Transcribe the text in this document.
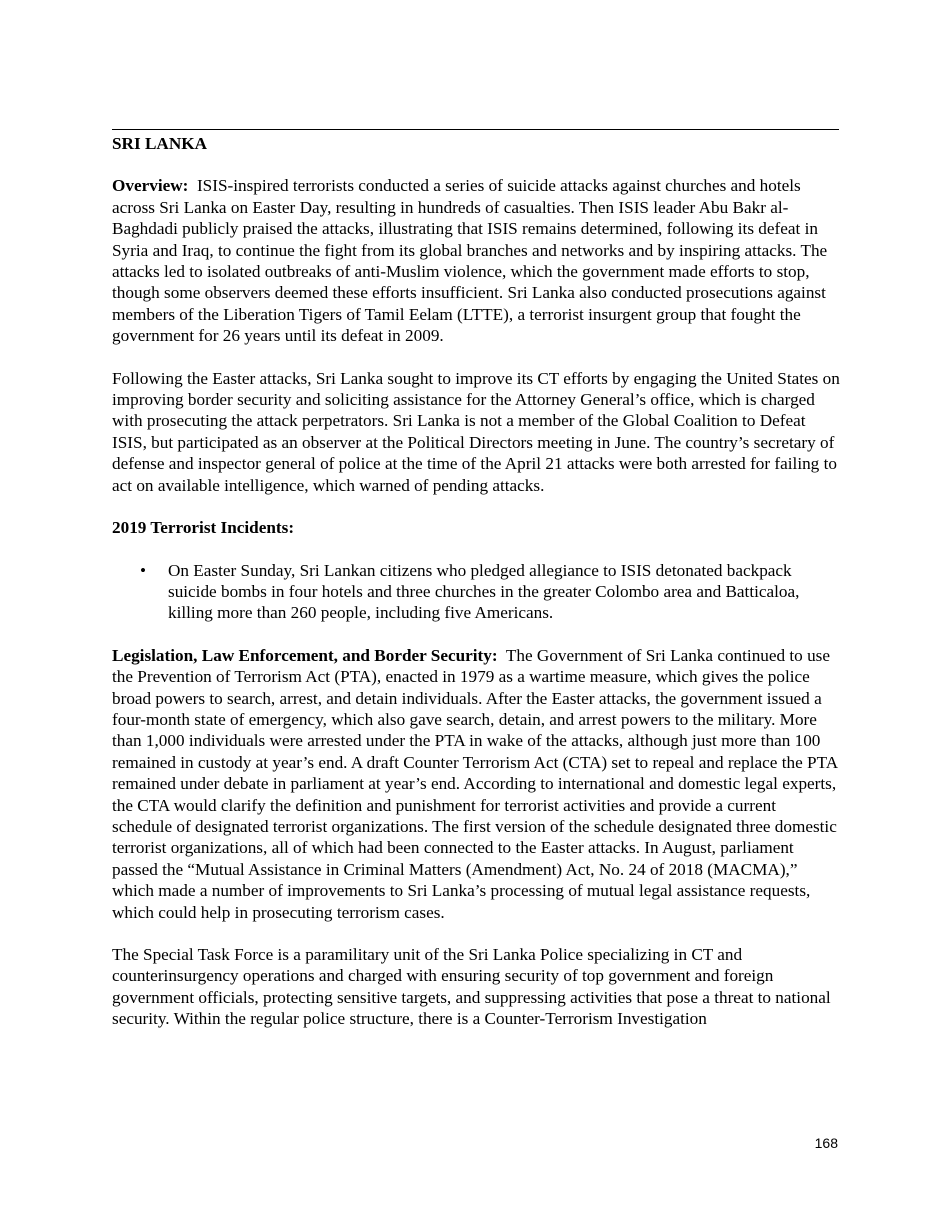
SRI LANKA

Overview: ISIS-inspired terrorists conducted a series of suicide attacks against churches and hotels across Sri Lanka on Easter Day, resulting in hundreds of casualties. Then ISIS leader Abu Bakr al-Baghdadi publicly praised the attacks, illustrating that ISIS remains determined, following its defeat in Syria and Iraq, to continue the fight from its global branches and networks and by inspiring attacks. The attacks led to isolated outbreaks of anti-Muslim violence, which the government made efforts to stop, though some observers deemed these efforts insufficient. Sri Lanka also conducted prosecutions against members of the Liberation Tigers of Tamil Eelam (LTTE), a terrorist insurgent group that fought the government for 26 years until its defeat in 2009.

Following the Easter attacks, Sri Lanka sought to improve its CT efforts by engaging the United States on improving border security and soliciting assistance for the Attorney General’s office, which is charged with prosecuting the attack perpetrators. Sri Lanka is not a member of the Global Coalition to Defeat ISIS, but participated as an observer at the Political Directors meeting in June. The country’s secretary of defense and inspector general of police at the time of the April 21 attacks were both arrested for failing to act on available intelligence, which warned of pending attacks.

2019 Terrorist Incidents:
• On Easter Sunday, Sri Lankan citizens who pledged allegiance to ISIS detonated backpack suicide bombs in four hotels and three churches in the greater Colombo area and Batticaloa, killing more than 260 people, including five Americans.

Legislation, Law Enforcement, and Border Security: The Government of Sri Lanka continued to use the Prevention of Terrorism Act (PTA), enacted in 1979 as a wartime measure, which gives the police broad powers to search, arrest, and detain individuals. After the Easter attacks, the government issued a four-month state of emergency, which also gave search, detain, and arrest powers to the military. More than 1,000 individuals were arrested under the PTA in wake of the attacks, although just more than 100 remained in custody at year’s end. A draft Counter Terrorism Act (CTA) set to repeal and replace the PTA remained under debate in parliament at year’s end. According to international and domestic legal experts, the CTA would clarify the definition and punishment for terrorist activities and provide a current schedule of designated terrorist organizations. The first version of the schedule designated three domestic terrorist organizations, all of which had been connected to the Easter attacks. In August, parliament passed the “Mutual Assistance in Criminal Matters (Amendment) Act, No. 24 of 2018 (MACMA),” which made a number of improvements to Sri Lanka’s processing of mutual legal assistance requests, which could help in prosecuting terrorism cases.

The Special Task Force is a paramilitary unit of the Sri Lanka Police specializing in CT and counterinsurgency operations and charged with ensuring security of top government and foreign government officials, protecting sensitive targets, and suppressing activities that pose a threat to national security. Within the regular police structure, there is a Counter-Terrorism Investigation

168
